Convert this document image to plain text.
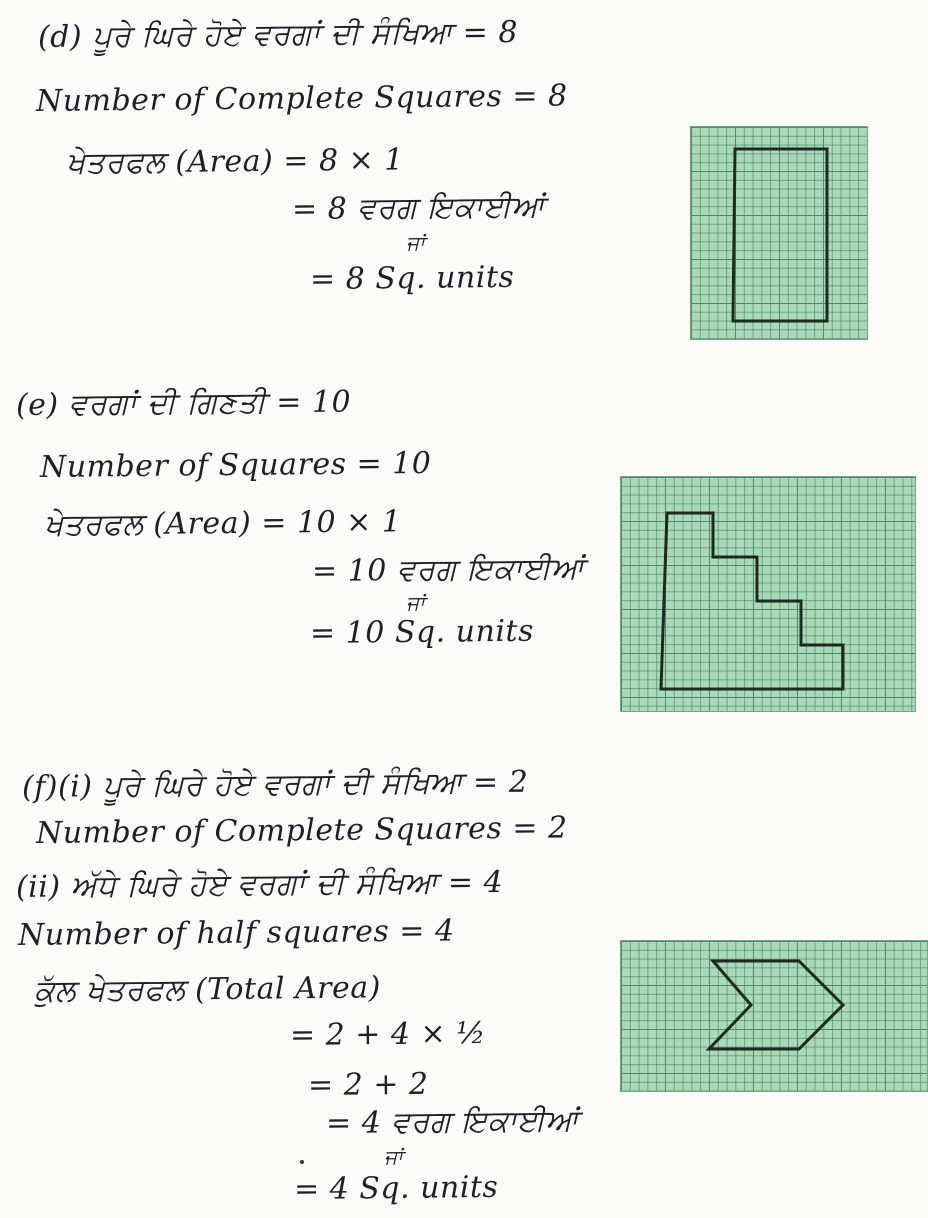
(d) ਪੂਰੇ ਘਿਰੇ ਹੋਏ ਵਰਗਾਂ ਦੀ ਸੰਖਿਆ = 8
Number of Complete Squares = 8
ਖੇਤਰਫਲ (Area) = 8 × 1
= 8 ਵਰਗ ਇਕਾਈਆਂ
ਜਾਂ
= 8 Sq. units
(e) ਵਰਗਾਂ ਦੀ ਗਿਣਤੀ = 10
Number of Squares = 10
ਖੇਤਰਫਲ (Area) = 10 × 1
= 10 ਵਰਗ ਇਕਾਈਆਂ
ਜਾਂ
= 10 Sq. units
(f)(i) ਪੂਰੇ ਘਿਰੇ ਹੋਏ ਵਰਗਾਂ ਦੀ ਸੰਖਿਆ = 2
Number of Complete Squares = 2
(ii) ਅੱਧੇ ਘਿਰੇ ਹੋਏ ਵਰਗਾਂ ਦੀ ਸੰਖਿਆ = 4
Number of half squares = 4
ਕੁੱਲ ਖੇਤਰਫਲ (Total Area)
= 2 + 4 × ½
= 2 + 2
= 4 ਵਰਗ ਇਕਾਈਆਂ
ਜਾਂ
= 4 Sq. units
